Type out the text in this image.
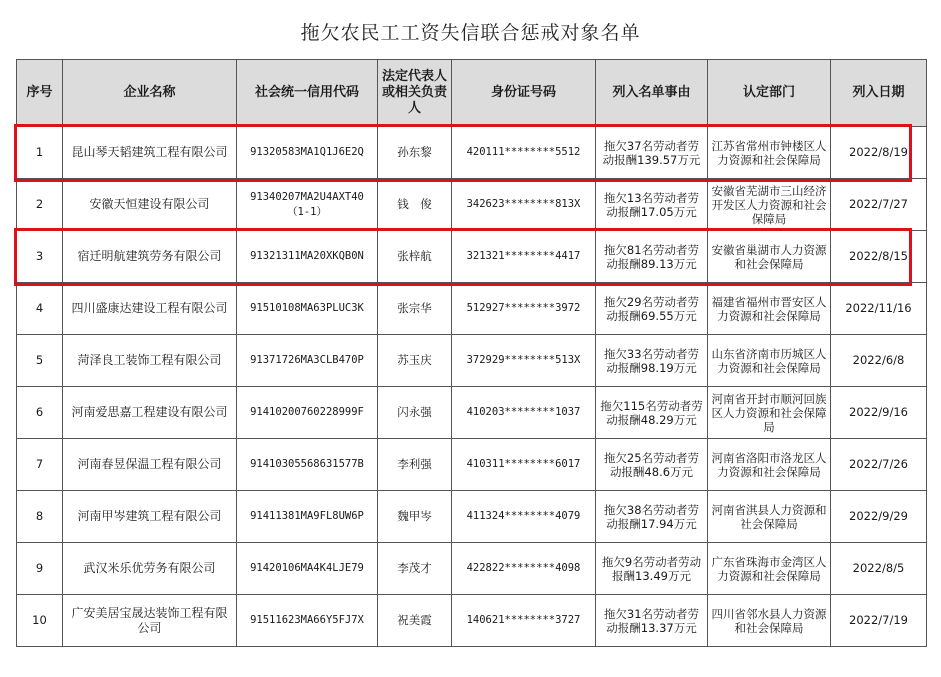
拖欠农民工工资失信联合惩戒对象名单
序号	企业名称	社会统一信用代码	法定代表人或相关负责人	身份证号码	列入名单事由	认定部门	列入日期
1	昆山琴天韬建筑工程有限公司	91320583MA1Q1J6E2Q	孙东黎	420111********5512	拖欠37名劳动者劳动报酬139.57万元	江苏省常州市钟楼区人力资源和社会保障局	2022/8/19
2	安徽天恒建设有限公司	91340207MA2U4AXT40（1-1）	钱　俊	342623********813X	拖欠13名劳动者劳动报酬17.05万元	安徽省芜湖市三山经济开发区人力资源和社会保障局	2022/7/27
3	宿迁明航建筑劳务有限公司	91321311MA20XKQB0N	张梓航	321321********4417	拖欠81名劳动者劳动报酬89.13万元	安徽省巢湖市人力资源和社会保障局	2022/8/15
4	四川盛康达建设工程有限公司	91510108MA63PLUC3K	张宗华	512927********3972	拖欠29名劳动者劳动报酬69.55万元	福建省福州市晋安区人力资源和社会保障局	2022/11/16
5	菏泽良工装饰工程有限公司	91371726MA3CLB470P	苏玉庆	372929********513X	拖欠33名劳动者劳动报酬98.19万元	山东省济南市历城区人力资源和社会保障局	2022/6/8
6	河南爱思嘉工程建设有限公司	91410200760228999F	闪永强	410203********1037	拖欠115名劳动者劳动报酬48.29万元	河南省开封市顺河回族区人力资源和社会保障局	2022/9/16
7	河南春昱保温工程有限公司	91410305568631577B	李利强	410311********6017	拖欠25名劳动者劳动报酬48.6万元	河南省洛阳市洛龙区人力资源和社会保障局	2022/7/26
8	河南甲岑建筑工程有限公司	91411381MA9FL8UW6P	魏甲岑	411324********4079	拖欠38名劳动者劳动报酬17.94万元	河南省淇县人力资源和社会保障局	2022/9/29
9	武汉米乐优劳务有限公司	91420106MA4K4LJE79	李茂才	422822********4098	拖欠9名劳动者劳动报酬13.49万元	广东省珠海市金湾区人力资源和社会保障局	2022/8/5
10	广安美居宝晟达装饰工程有限公司	91511623MA66Y5FJ7X	祝美霞	140621********3727	拖欠31名劳动者劳动报酬13.37万元	四川省邻水县人力资源和社会保障局	2022/7/19
